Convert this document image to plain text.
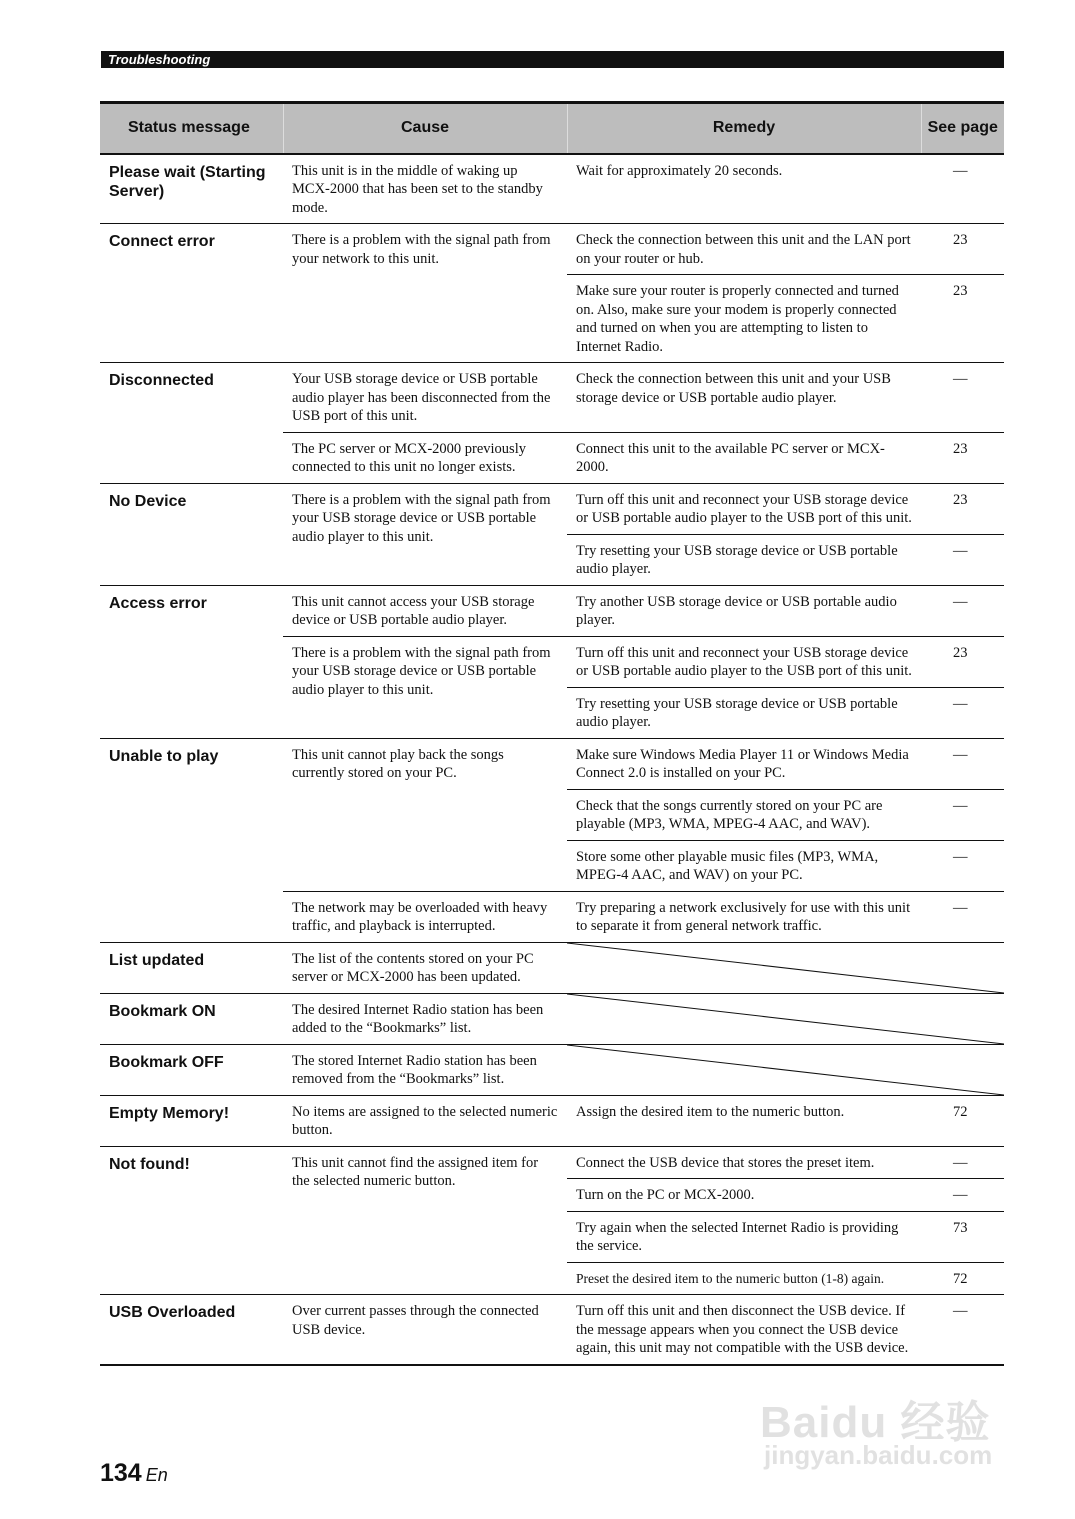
Troubleshooting
Status message	Cause	Remedy	See page
Please wait (Starting Server)	This unit is in the middle of waking up MCX-2000 that has been set to the standby mode.	Wait for approximately 20 seconds.	—
Connect error	There is a problem with the signal path from your network to this unit.	Check the connection between this unit and the LAN port on your router or hub.	23
		Make sure your router is properly connected and turned on. Also, make sure your modem is properly connected and turned on when you are attempting to listen to Internet Radio.	23
Disconnected	Your USB storage device or USB portable audio player has been disconnected from the USB port of this unit.	Check the connection between this unit and your USB storage device or USB portable audio player.	—
	The PC server or MCX-2000 previously connected to this unit no longer exists.	Connect this unit to the available PC server or MCX-2000.	23
No Device	There is a problem with the signal path from your USB storage device or USB portable audio player to this unit.	Turn off this unit and reconnect your USB storage device or USB portable audio player to the USB port of this unit.	23
		Try resetting your USB storage device or USB portable audio player.	—
Access error	This unit cannot access your USB storage device or USB portable audio player.	Try another USB storage device or USB portable audio player.	—
	There is a problem with the signal path from your USB storage device or USB portable audio player to this unit.	Turn off this unit and reconnect your USB storage device or USB portable audio player to the USB port of this unit.	23
		Try resetting your USB storage device or USB portable audio player.	—
Unable to play	This unit cannot play back the songs currently stored on your PC.	Make sure Windows Media Player 11 or Windows Media Connect 2.0 is installed on your PC.	—
		Check that the songs currently stored on your PC are playable (MP3, WMA, MPEG-4 AAC, and WAV).	—
		Store some other playable music files (MP3, WMA, MPEG-4 AAC, and WAV) on your PC.	—
	The network may be overloaded with heavy traffic, and playback is interrupted.	Try preparing a network exclusively for use with this unit to separate it from general network traffic.	—
List updated	The list of the contents stored on your PC server or MCX-2000 has been updated.	

Bookmark ON	The desired Internet Radio station has been added to the “Bookmarks” list.	

Bookmark OFF	The stored Internet Radio station has been removed from the “Bookmarks” list.	

Empty Memory!	No items are assigned to the selected numeric button.	Assign the desired item to the numeric button.	72
Not found!	This unit cannot find the assigned item for the selected numeric button.	Connect the USB device that stores the preset item.	—
		Turn on the PC or MCX-2000.	—
		Try again when the selected Internet Radio is providing the service.	73
		Preset the desired item to the numeric button (1-8) again.	72
USB Overloaded	Over current passes through the connected USB device.	Turn off this unit and then disconnect the USB device. If the message appears when you connect the USB device again, this unit may not compatible with the USB device.	—
134 En
Baidu 经验
jingyan.baidu.com
